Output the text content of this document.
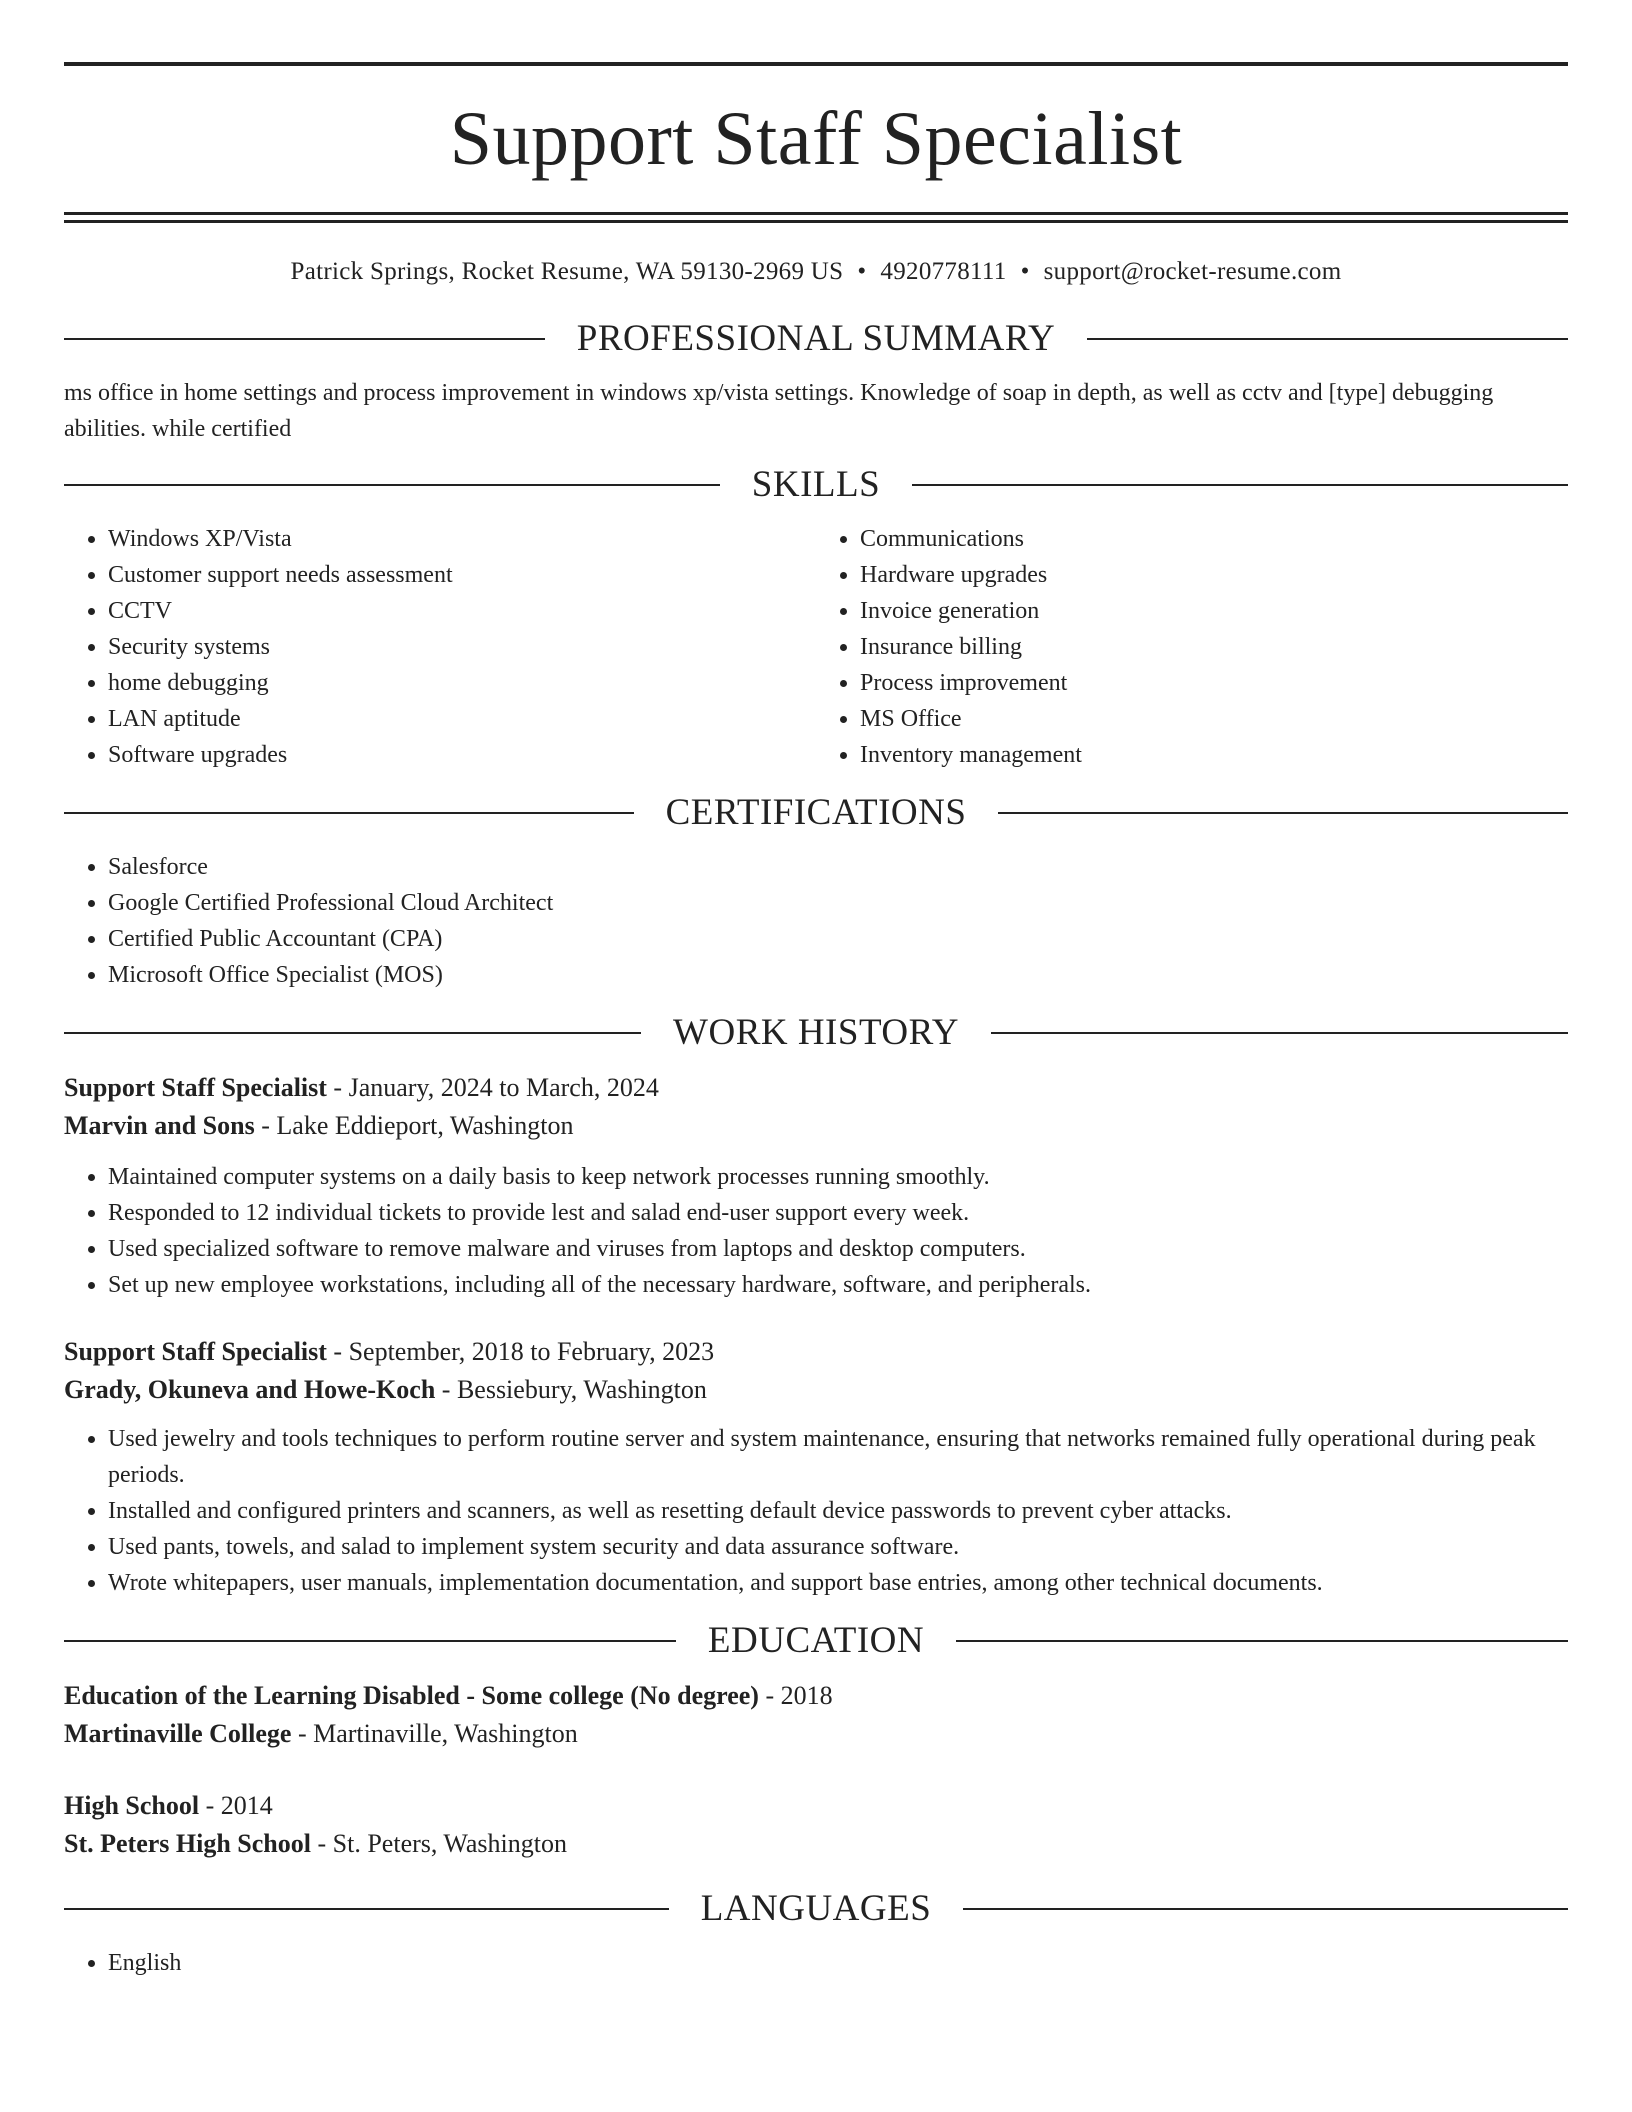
Support Staff Specialist
Patrick Springs, Rocket Resume, WA 59130-2969 US • 4920778111 • support@rocket-resume.com
PROFESSIONAL SUMMARY

ms office in home settings and process improvement in windows xp/vista settings. Knowledge of soap in depth, as well as cctv and [type] debugging abilities. while certified

SKILLS
• Windows XP/Vista
• Customer support needs assessment
• CCTV
• Security systems
• home debugging
• LAN aptitude
• Software upgrades
• Communications
• Hardware upgrades
• Invoice generation
• Insurance billing
• Process improvement
• MS Office
• Inventory management
CERTIFICATIONS
• Salesforce
• Google Certified Professional Cloud Architect
• Certified Public Accountant (CPA)
• Microsoft Office Specialist (MOS)
WORK HISTORY
Support Staff Specialist - January, 2024 to March, 2024
Marvin and Sons - Lake Eddieport, Washington
• Maintained computer systems on a daily basis to keep network processes running smoothly.
• Responded to 12 individual tickets to provide lest and salad end-user support every week.
• Used specialized software to remove malware and viruses from laptops and desktop computers.
• Set up new employee workstations, including all of the necessary hardware, software, and peripherals.
Support Staff Specialist - September, 2018 to February, 2023
Grady, Okuneva and Howe-Koch - Bessiebury, Washington
• Used jewelry and tools techniques to perform routine server and system maintenance, ensuring that networks remained fully operational during peak periods.
• Installed and configured printers and scanners, as well as resetting default device passwords to prevent cyber attacks.
• Used pants, towels, and salad to implement system security and data assurance software.
• Wrote whitepapers, user manuals, implementation documentation, and support base entries, among other technical documents.
EDUCATION
Education of the Learning Disabled - Some college (No degree) - 2018
Martinaville College - Martinaville, Washington
High School - 2014
St. Peters High School - St. Peters, Washington
LANGUAGES
• English
